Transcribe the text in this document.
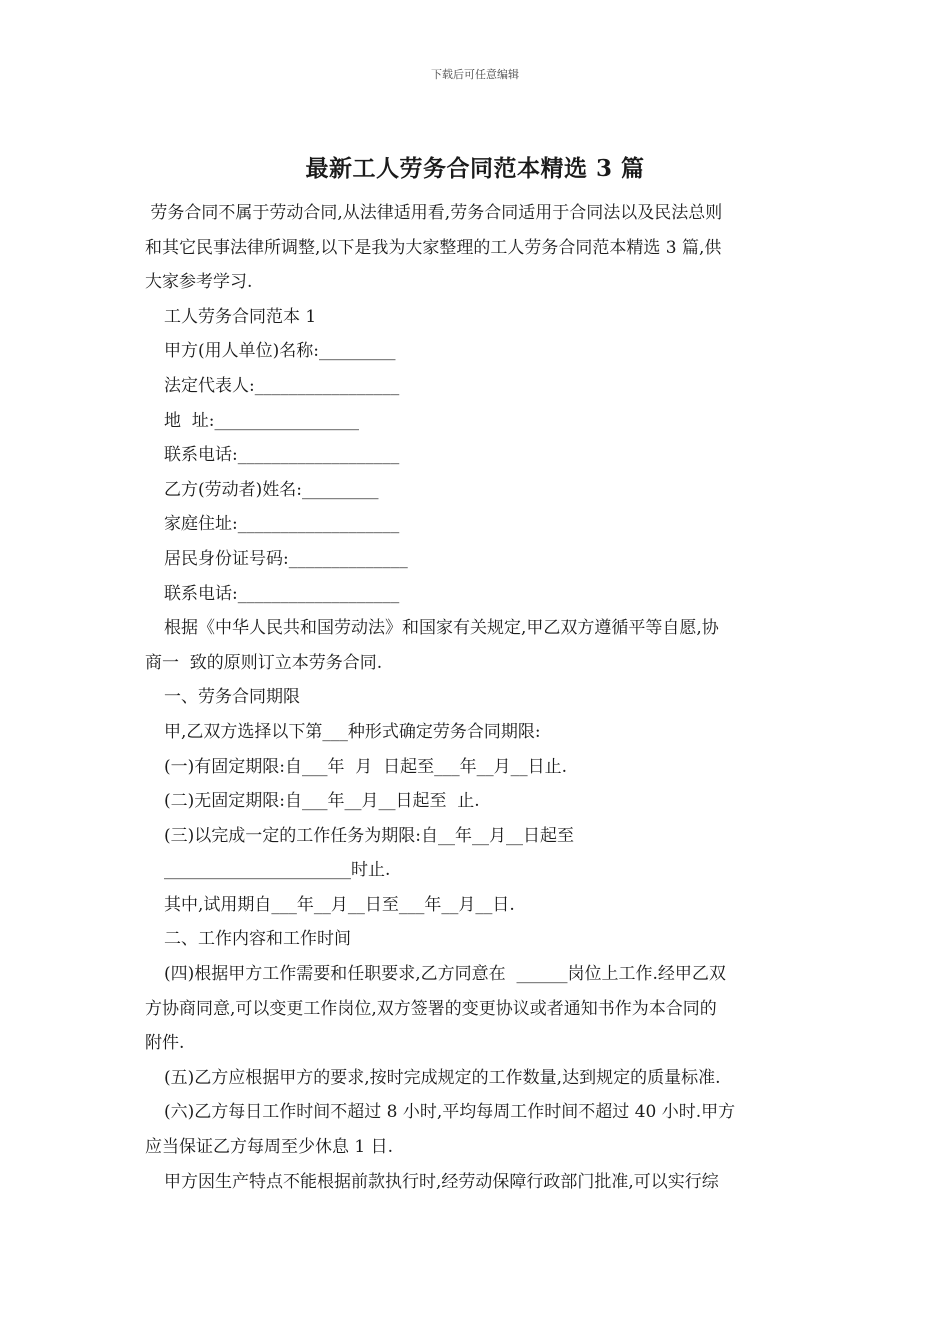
下载后可任意编辑
最新工人劳务合同范本精选 3 篇

劳务合同不属于劳动合同,从法律适用看,劳务合同适用于合同法以及民法总则

和其它民事法律所调整,以下是我为大家整理的工人劳务合同范本精选 3 篇,供

大家参考学习.

工人劳务合同范本 1

甲方(用人单位)名称:_________

法定代表人:_________________

地  址:_________________

联系电话:___________________

乙方(劳动者)姓名:_________

家庭住址:___________________

居民身份证号码:______________

联系电话:___________________

根据《中华人民共和国劳动法》和国家有关规定,甲乙双方遵循平等自愿,协

商一  致的原则订立本劳务合同.

一、劳务合同期限

甲,乙双方选择以下第___种形式确定劳务合同期限:

(一)有固定期限:自___年  月  日起至___年__月__日止.

(二)无固定期限:自___年__月__日起至  止.

(三)以完成一定的工作任务为期限:自__年__月__日起至

______________________时止.

其中,试用期自___年__月__日至___年__月__日.

二、工作内容和工作时间

(四)根据甲方工作需要和任职要求,乙方同意在  ______岗位上工作.经甲乙双

方协商同意,可以变更工作岗位,双方签署的变更协议或者通知书作为本合同的

附件.

(五)乙方应根据甲方的要求,按时完成规定的工作数量,达到规定的质量标准.

(六)乙方每日工作时间不超过 8 小时,平均每周工作时间不超过 40 小时.甲方

应当保证乙方每周至少休息 1 日.

甲方因生产特点不能根据前款执行时,经劳动保障行政部门批准,可以实行综
